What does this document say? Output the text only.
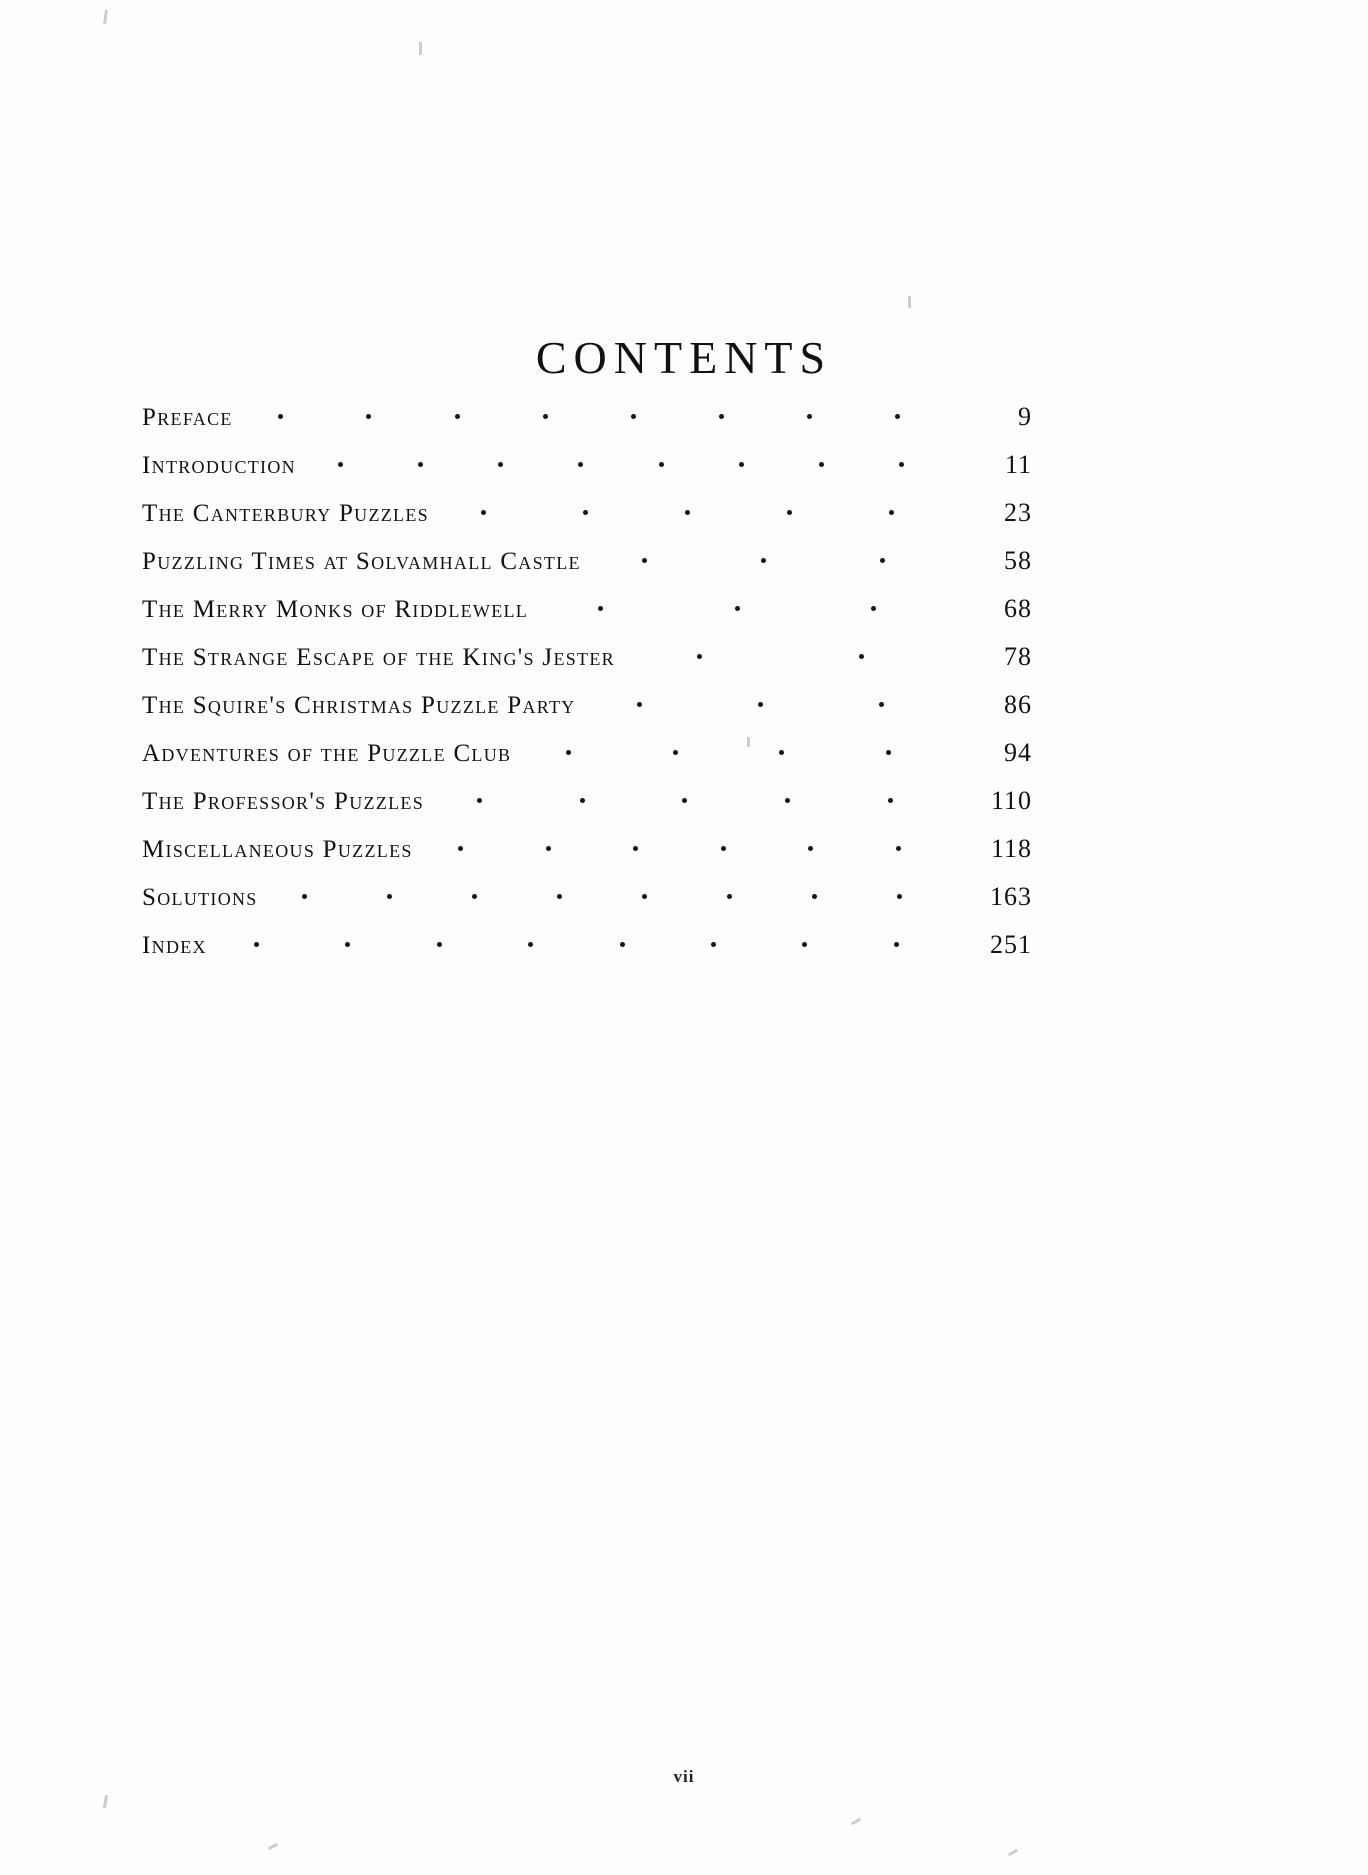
CONTENTS
Preface	9
Introduction	11
The Canterbury Puzzles	23
Puzzling Times at Solvamhall Castle	58
The Merry Monks of Riddlewell	68
The Strange Escape of the King's Jester	78
The Squire's Christmas Puzzle Party	86
Adventures of the Puzzle Club	94
The Professor's Puzzles	110
Miscellaneous Puzzles	118
Solutions	163
Index	251
vii
